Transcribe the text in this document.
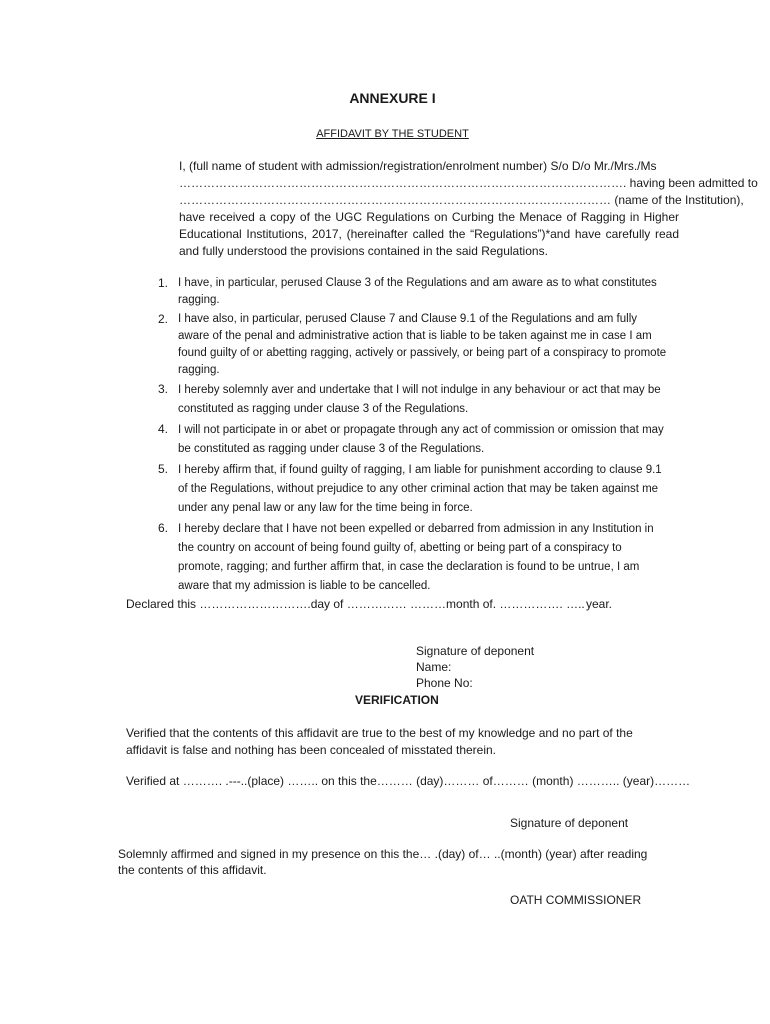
ANNEXURE I
AFFIDAVIT BY THE STUDENT
I, (full name of student with admission/registration/enrolment number) S/o D/o Mr./Mrs./Ms
…………………………………………………………………………………………………. having been admitted to
……………………………………………………………………………………………… (name of the Institution),
have received a copy of the UGC Regulations on Curbing the Menace of Ragging in Higher
Educational Institutions, 2017, (hereinafter called the “Regulations”)*and have carefully read
and fully understood the provisions contained in the said Regulations.
1. I have, in particular, perused Clause 3 of the Regulations and am aware as to what constitutes ragging.
2. I have also, in particular, perused Clause 7 and Clause 9.1 of the Regulations and am fully aware of the penal and administrative action that is liable to be taken against me in case I am found guilty of or abetting ragging, actively or passively, or being part of a conspiracy to promote ragging.
3. I hereby solemnly aver and undertake that I will not indulge in any behaviour or act that may be constituted as ragging under clause 3 of the Regulations.
4. I will not participate in or abet or propagate through any act of commission or omission that may be constituted as ragging under clause 3 of the Regulations.
5. I hereby affirm that, if found guilty of ragging, I am liable for punishment according to clause 9.1 of the Regulations, without prejudice to any other criminal action that may be taken against me under any penal law or any law for the time being in force.
6. I hereby declare that I have not been expelled or debarred from admission in any Institution in the country on account of being found guilty of, abetting or being part of a conspiracy to promote, ragging; and further affirm that, in case the declaration is found to be untrue, I am aware that my admission is liable to be cancelled.
Declared this ……………………….day of …………… ………month of. ……………. ….. year.
Signature of deponent
Name:
Phone No:
VERIFICATION
Verified that the contents of this affidavit are true to the best of my knowledge and no part of the
affidavit is false and nothing has been concealed of misstated therein.
Verified at ………. .---..(place) …….. on this the……… (day)……… of……… (month) ……….. (year)………
Signature of deponent
Solemnly affirmed and signed in my presence on this the… .(day) of… ..(month) (year) after reading
the contents of this affidavit.
OATH COMMISSIONER
